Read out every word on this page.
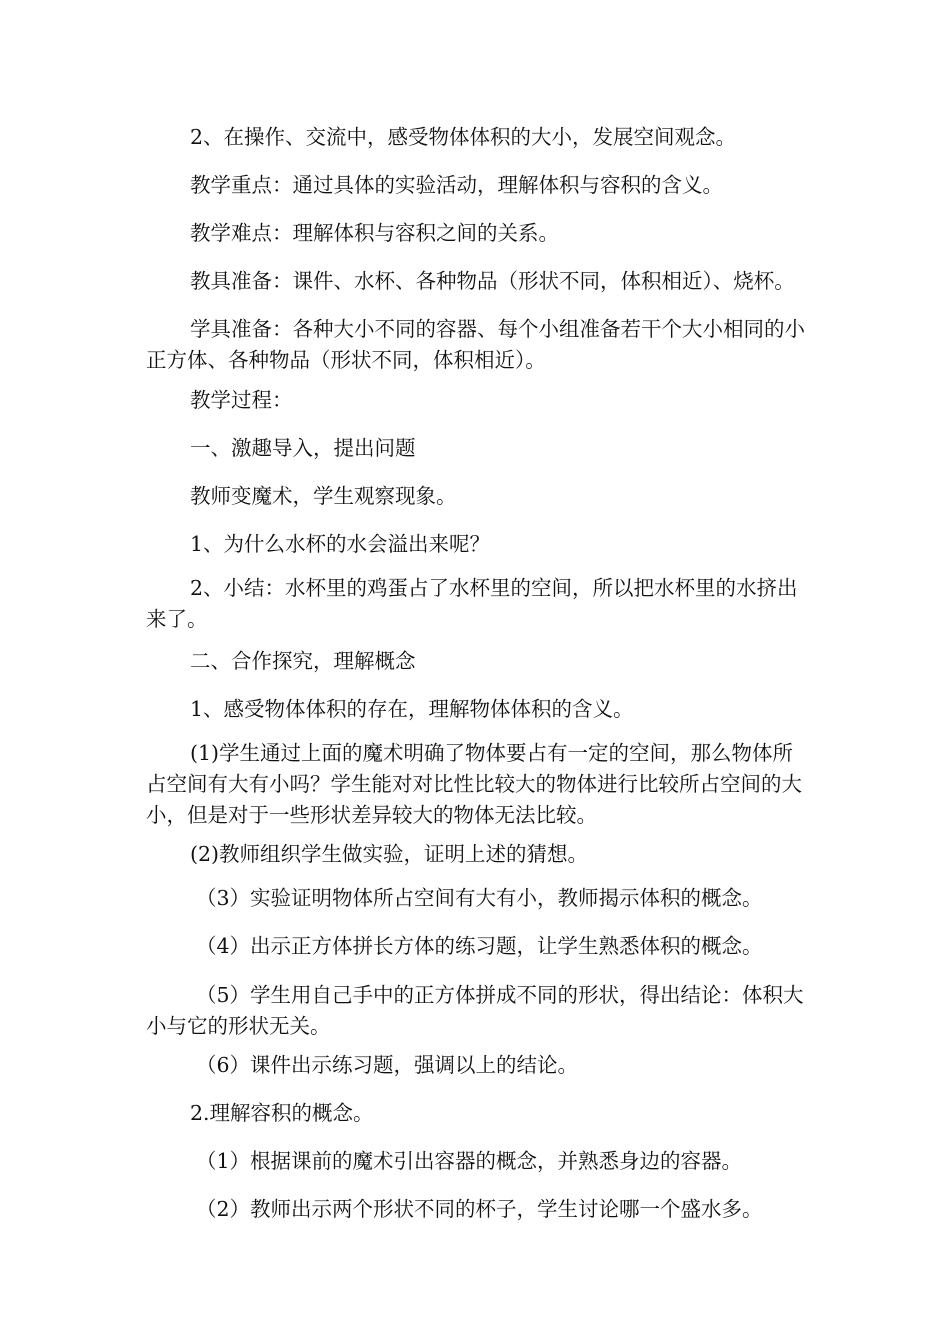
2、在操作、交流中，感受物体体积的大小，发展空间观念。

教学重点：通过具体的实验活动，理解体积与容积的含义。

教学难点：理解体积与容积之间的关系。

教具准备：课件、水杯、各种物品（形状不同，体积相近）、烧杯。

学具准备：各种大小不同的容器、每个小组准备若干个大小相同的小正方体、各种物品（形状不同，体积相近）。

教学过程：

一、激趣导入，提出问题

教师变魔术，学生观察现象。

1、为什么水杯的水会溢出来呢？

2、小结：水杯里的鸡蛋占了水杯里的空间，所以把水杯里的水挤出来了。

二、合作探究，理解概念

1、感受物体体积的存在，理解物体体积的含义。

(1)学生通过上面的魔术明确了物体要占有一定的空间，那么物体所占空间有大有小吗？学生能对对比性比较大的物体进行比较所占空间的大小，但是对于一些形状差异较大的物体无法比较。

(2)教师组织学生做实验，证明上述的猜想。

（3）实验证明物体所占空间有大有小，教师揭示体积的概念。

（4）出示正方体拼长方体的练习题，让学生熟悉体积的概念。

（5）学生用自己手中的正方体拼成不同的形状，得出结论：体积大小与它的形状无关。

（6）课件出示练习题，强调以上的结论。

2.理解容积的概念。

（1）根据课前的魔术引出容器的概念，并熟悉身边的容器。

（2）教师出示两个形状不同的杯子，学生讨论哪一个盛水多。
